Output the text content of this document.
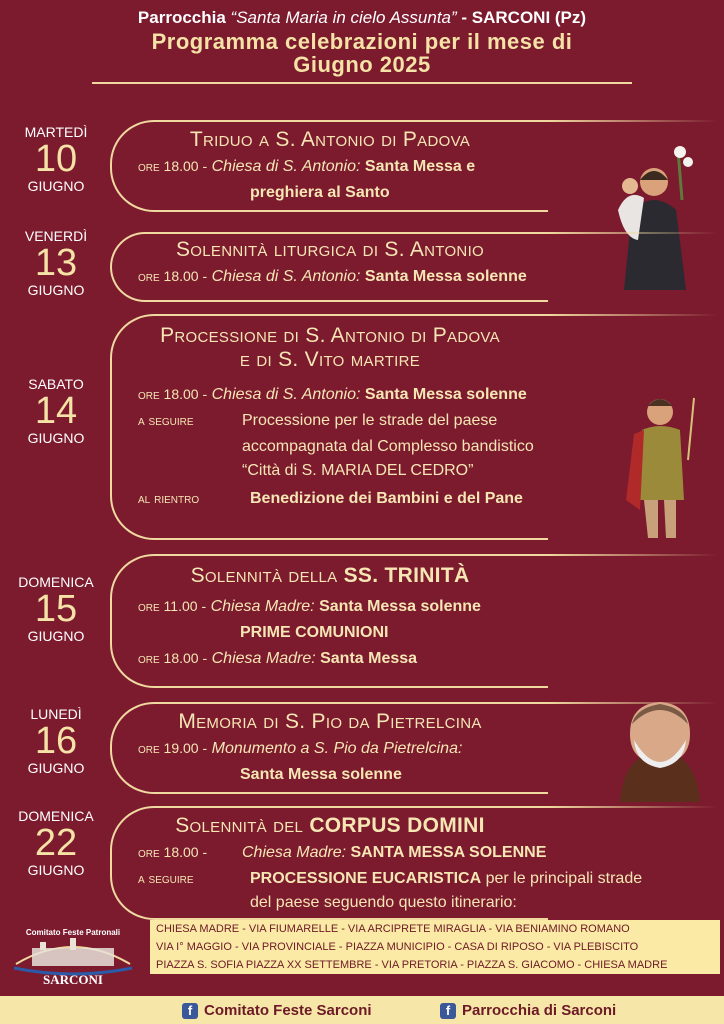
Parrocchia “Santa Maria in cielo Assunta” - SARCONI (Pz)
Programma celebrazioni per il mese di
Giugno 2025
MARTEDÌ
10
GIUGNO
Triduo a S. Antonio di Padova
ore 18.00 - Chiesa di S. Antonio: Santa Messa e
preghiera al Santo
VENERDÌ
13
GIUGNO
Solennità liturgica di S. Antonio
ore 18.00 - Chiesa di S. Antonio: Santa Messa solenne
SABATO
14
GIUGNO
Processione di S. Antonio di Padova
e di S. Vito martire
ore 18.00 - Chiesa di S. Antonio: Santa Messa solenne
a seguire	Processione per le strade del paese
accompagnata dal Complesso bandistico
“Città di S. MARIA DEL CEDRO”
al rientro	Benedizione dei Bambini e del Pane
DOMENICA
15
GIUGNO
Solennità della SS. TRINITÀ
ore 11.00 - Chiesa Madre: Santa Messa solenne
PRIME COMUNIONI
ore 18.00 - Chiesa Madre: Santa Messa
LUNEDÌ
16
GIUGNO
Memoria di S. Pio da Pietrelcina
ore 19.00 - Monumento a S. Pio da Pietrelcina:
Santa Messa solenne
DOMENICA
22
GIUGNO
Solennità del CORPUS DOMINI
ore 18.00 - Chiesa Madre: SANTA MESSA SOLENNE
a seguire	PROCESSIONE EUCARISTICA per le principali strade
del paese seguendo questo itinerario:
Comitato Feste Patronali
SARCONI
CHIESA MADRE - VIA FIUMARELLE - VIA ARCIPRETE MIRAGLIA - VIA BENIAMINO ROMANO
VIA I° MAGGIO - VIA PROVINCIALE - PIAZZA MUNICIPIO - CASA DI RIPOSO - VIA PLEBISCITO
PIAZZA S. SOFIA PIAZZA XX SETTEMBRE - VIA PRETORIA - PIAZZA S. GIACOMO - CHIESA MADRE
f Comitato Feste Sarconi	f Parrocchia di Sarconi
